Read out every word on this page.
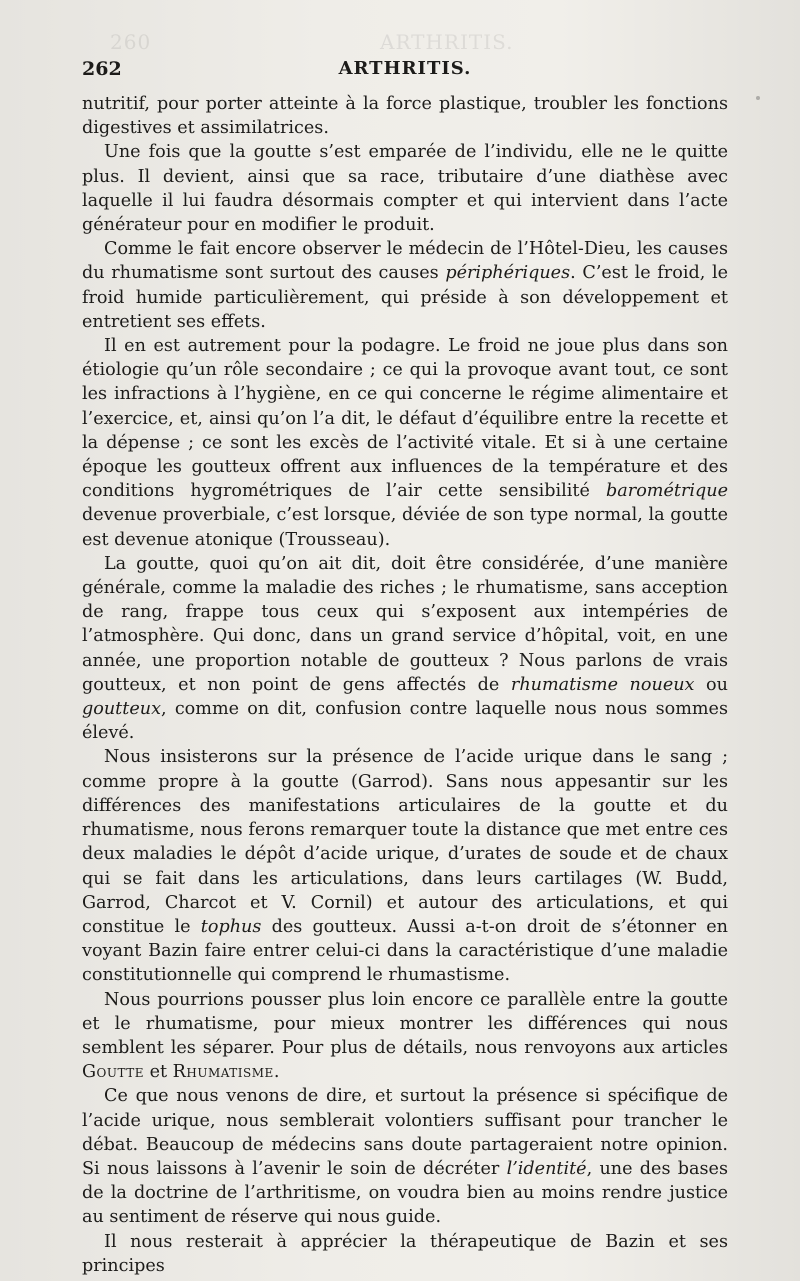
260	ARTHRITIS.
262	ARTHRITIS.

nutritif, pour porter atteinte à la force plastique, troubler les fonctions digestives et assimilatrices.

Une fois que la goutte s’est emparée de l’individu, elle ne le quitte plus. Il devient, ainsi que sa race, tributaire d’une diathèse avec laquelle il lui faudra désormais compter et qui intervient dans l’acte générateur pour en modifier le produit.

Comme le fait encore observer le médecin de l’Hôtel-Dieu, les causes du rhumatisme sont surtout des causes périphériques. C’est le froid, le froid humide particulièrement, qui préside à son développement et entretient ses effets.

Il en est autrement pour la podagre. Le froid ne joue plus dans son étiologie qu’un rôle secondaire ; ce qui la provoque avant tout, ce sont les infractions à l’hygiène, en ce qui concerne le régime alimentaire et l’exercice, et, ainsi qu’on l’a dit, le défaut d’équilibre entre la recette et la dépense ; ce sont les excès de l’activité vitale. Et si à une certaine époque les goutteux offrent aux influences de la température et des conditions hygrométriques de l’air cette sensibilité barométrique devenue proverbiale, c’est lorsque, déviée de son type normal, la goutte est devenue atonique (Trousseau).

La goutte, quoi qu’on ait dit, doit être considérée, d’une manière générale, comme la maladie des riches ; le rhumatisme, sans acception de rang, frappe tous ceux qui s’exposent aux intempéries de l’atmosphère. Qui donc, dans un grand service d’hôpital, voit, en une année, une proportion notable de goutteux ? Nous parlons de vrais goutteux, et non point de gens affectés de rhumatisme noueux ou goutteux, comme on dit, confusion contre laquelle nous nous sommes élevé.

Nous insisterons sur la présence de l’acide urique dans le sang ; comme propre à la goutte (Garrod). Sans nous appesantir sur les différences des manifestations articulaires de la goutte et du rhumatisme, nous ferons remarquer toute la distance que met entre ces deux maladies le dépôt d’acide urique, d’urates de soude et de chaux qui se fait dans les articulations, dans leurs cartilages (W. Budd, Garrod, Charcot et V. Cornil) et autour des articulations, et qui constitue le tophus des goutteux. Aussi a-t-on droit de s’étonner en voyant Bazin faire entrer celui-ci dans la caractéristique d’une maladie constitutionnelle qui comprend le rhumastisme.

Nous pourrions pousser plus loin encore ce parallèle entre la goutte et le rhumatisme, pour mieux montrer les différences qui nous semblent les séparer. Pour plus de détails, nous renvoyons aux articles Goutte et Rhumatisme.

Ce que nous venons de dire, et surtout la présence si spécifique de l’acide urique, nous semblerait volontiers suffisant pour trancher le débat. Beaucoup de médecins sans doute partageraient notre opinion. Si nous laissons à l’avenir le soin de décréter l’identité, une des bases de la doctrine de l’arthritisme, on voudra bien au moins rendre justice au sentiment de réserve qui nous guide.

Il nous resterait à apprécier la thérapeutique de Bazin et ses principes
